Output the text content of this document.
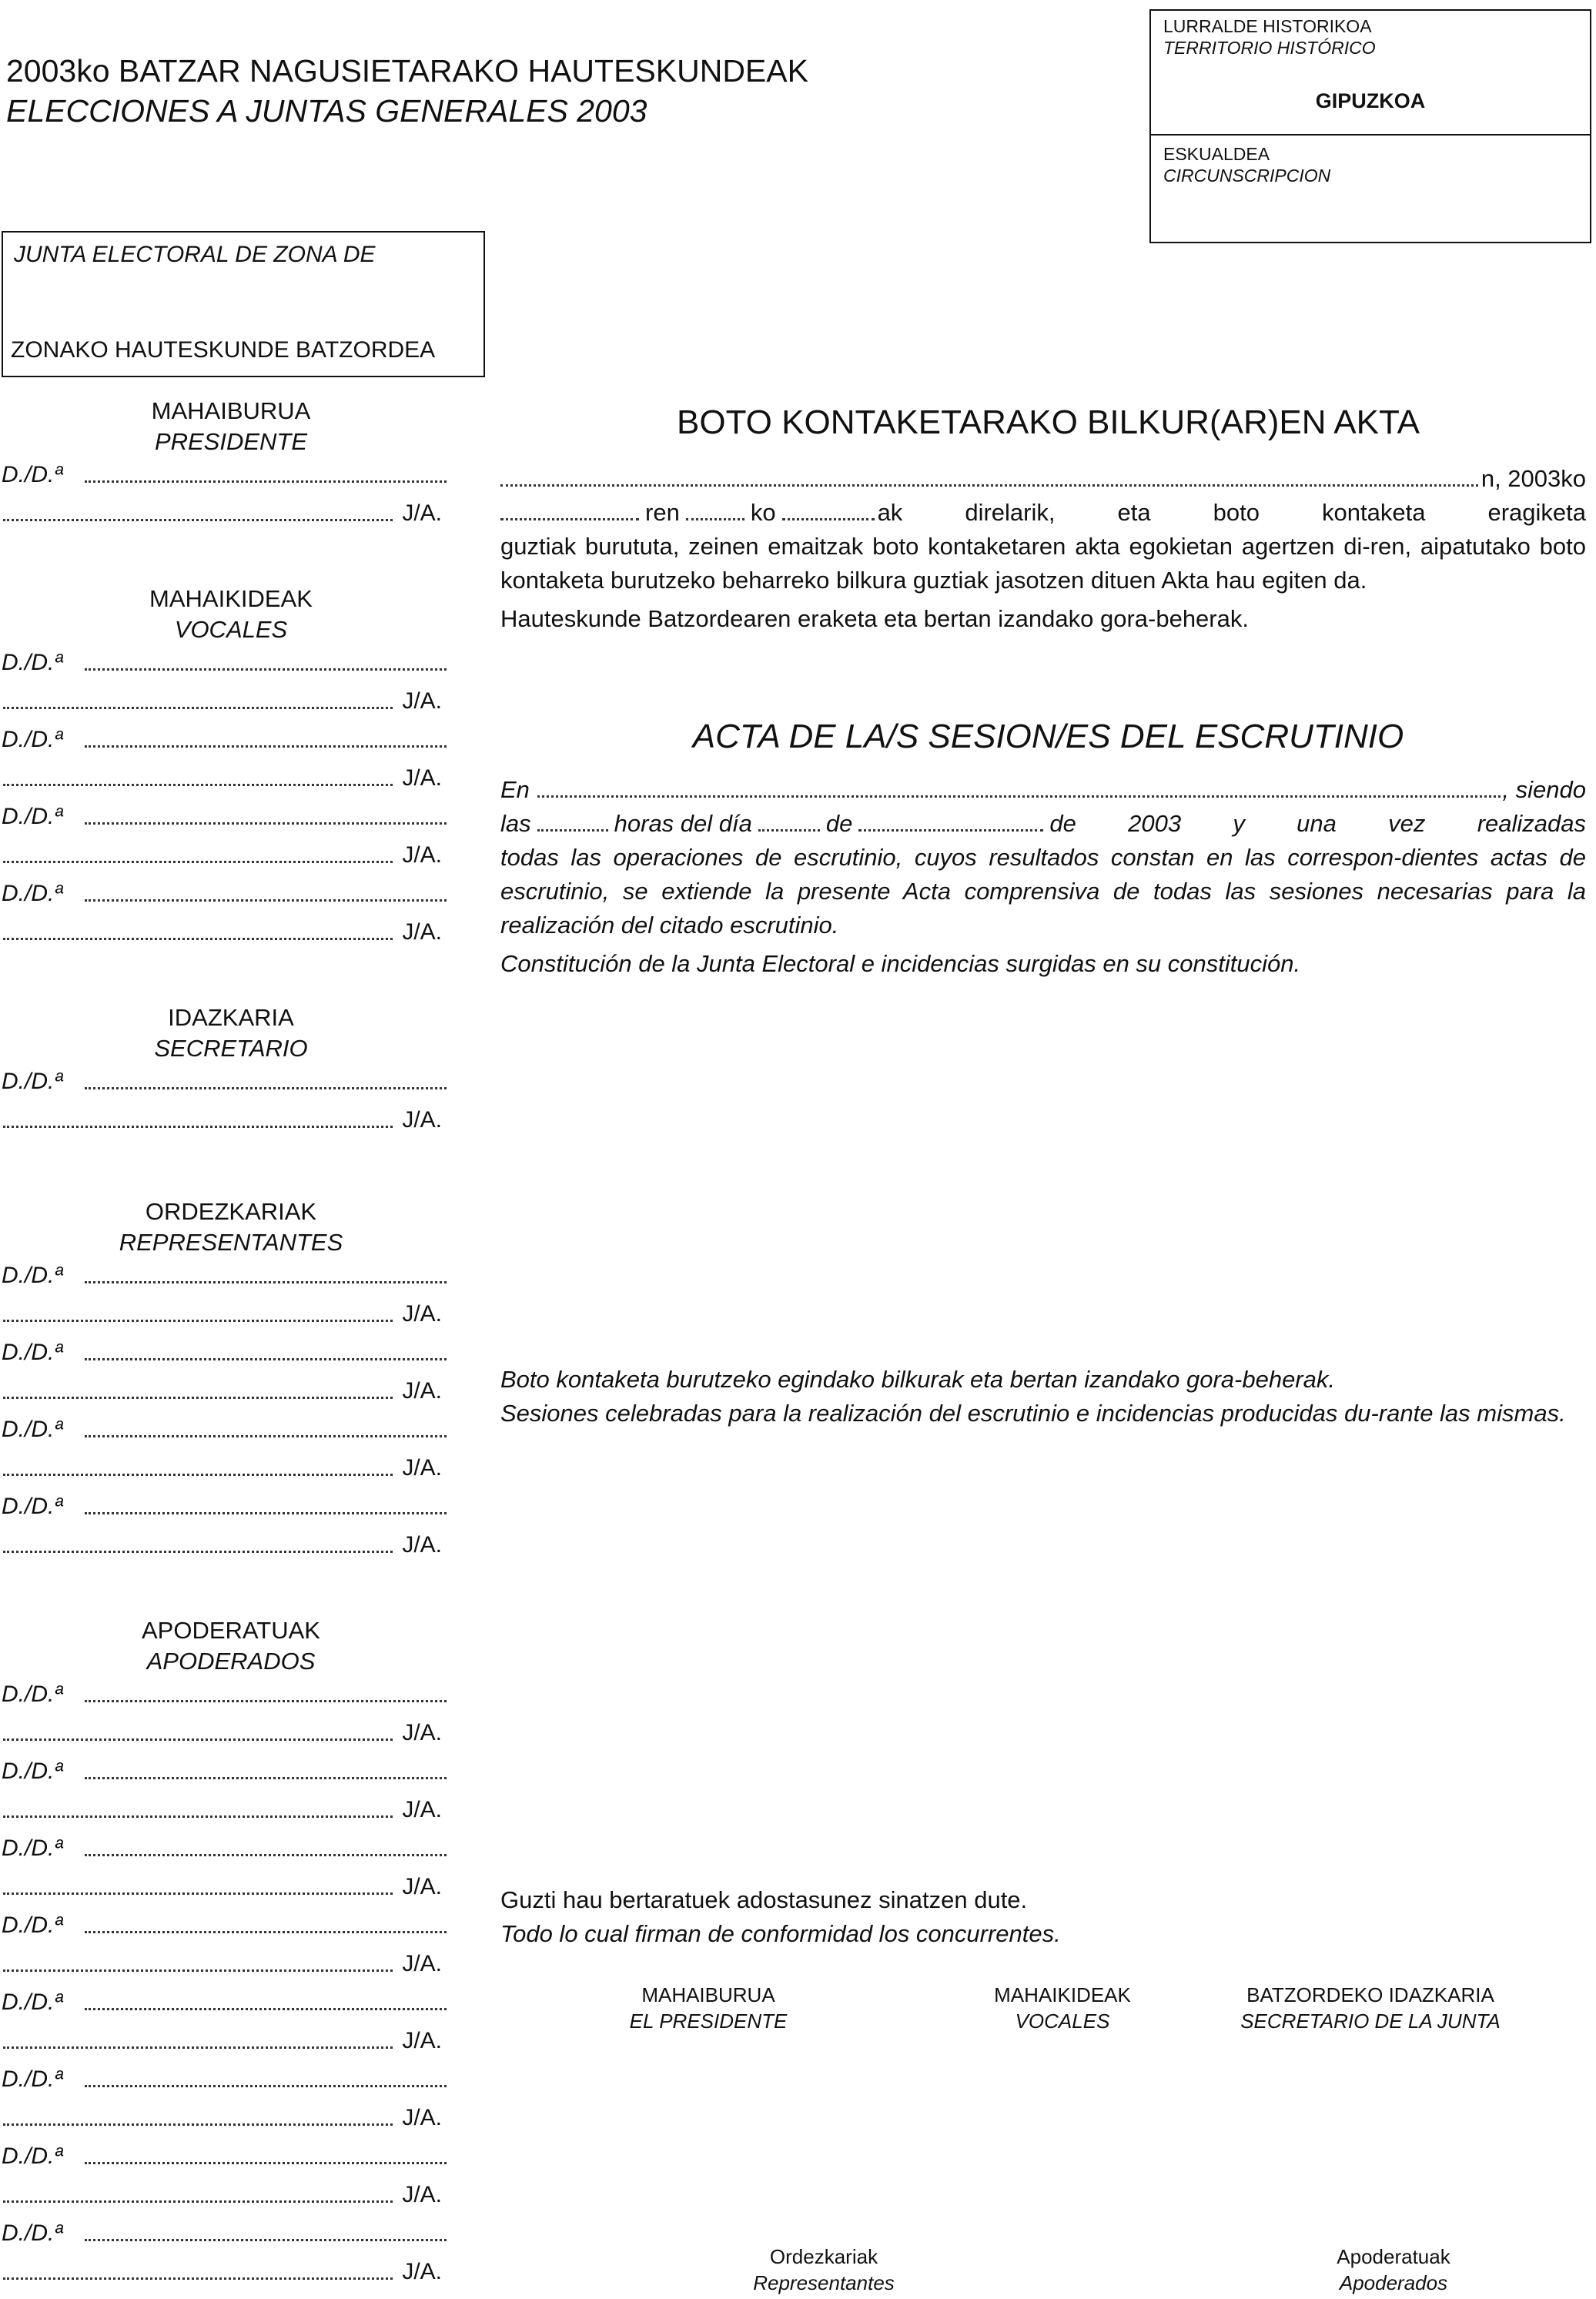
2003ko BATZAR NAGUSIETARAKO HAUTESKUNDEAK
ELECCIONES A JUNTAS GENERALES 2003
LURRALDE HISTORIKOA
TERRITORIO HISTÓRICO
GIPUZKOA
ESKUALDEA
CIRCUNSCRIPCION
JUNTA ELECTORAL DE ZONA DE
ZONAKO HAUTESKUNDE BATZORDEA
MAHAIBURUA
PRESIDENTE
D./D.ª
J/A.
MAHAIKIDEAK
VOCALES
D./D.ª
J/A.
D./D.ª
J/A.
D./D.ª
J/A.
D./D.ª
J/A.
IDAZKARIA
SECRETARIO
D./D.ª
J/A.
ORDEZKARIAK
REPRESENTANTES
D./D.ª
J/A.
D./D.ª
J/A.
D./D.ª
J/A.
D./D.ª
J/A.
APODERATUAK
APODERADOS
D./D.ª
J/A.
D./D.ª
J/A.
D./D.ª
J/A.
D./D.ª
J/A.
D./D.ª
J/A.
D./D.ª
J/A.
D./D.ª
J/A.
D./D.ª
J/A.
BOTO KONTAKETARAKO BILKUR(AR)EN AKTA
n, 2003ko
ren	ko	ak direlarik, eta boto kontaketa eragiketa
guztiak burututa, zeinen emaitzak boto kontaketaren akta egokietan agertzen di-ren, aipatutako boto kontaketa burutzeko beharreko bilkura guztiak jasotzen dituen Akta hau egiten da.
Hauteskunde Batzordearen eraketa eta bertan izandako gora-beherak.
ACTA DE LA/S SESION/ES DEL ESCRUTINIO
En	, siendo
las	horas del día	de	de 2003 y una vez realizadas
todas las operaciones de escrutinio, cuyos resultados constan en las correspon-dientes actas de escrutinio, se extiende la presente Acta comprensiva de todas las sesiones necesarias para la realización del citado escrutinio.
Constitución de la Junta Electoral e incidencias surgidas en su constitución.
Boto kontaketa burutzeko egindako bilkurak eta bertan izandako gora-beherak.
Sesiones celebradas para la realización del escrutinio e incidencias producidas du-rante las mismas.
Guzti hau bertaratuek adostasunez sinatzen dute.
Todo lo cual firman de conformidad los concurrentes.
MAHAIBURUA
EL PRESIDENTE
MAHAIKIDEAK
VOCALES
BATZORDEKO IDAZKARIA
SECRETARIO DE LA JUNTA
Ordezkariak
Representantes
Apoderatuak
Apoderados
